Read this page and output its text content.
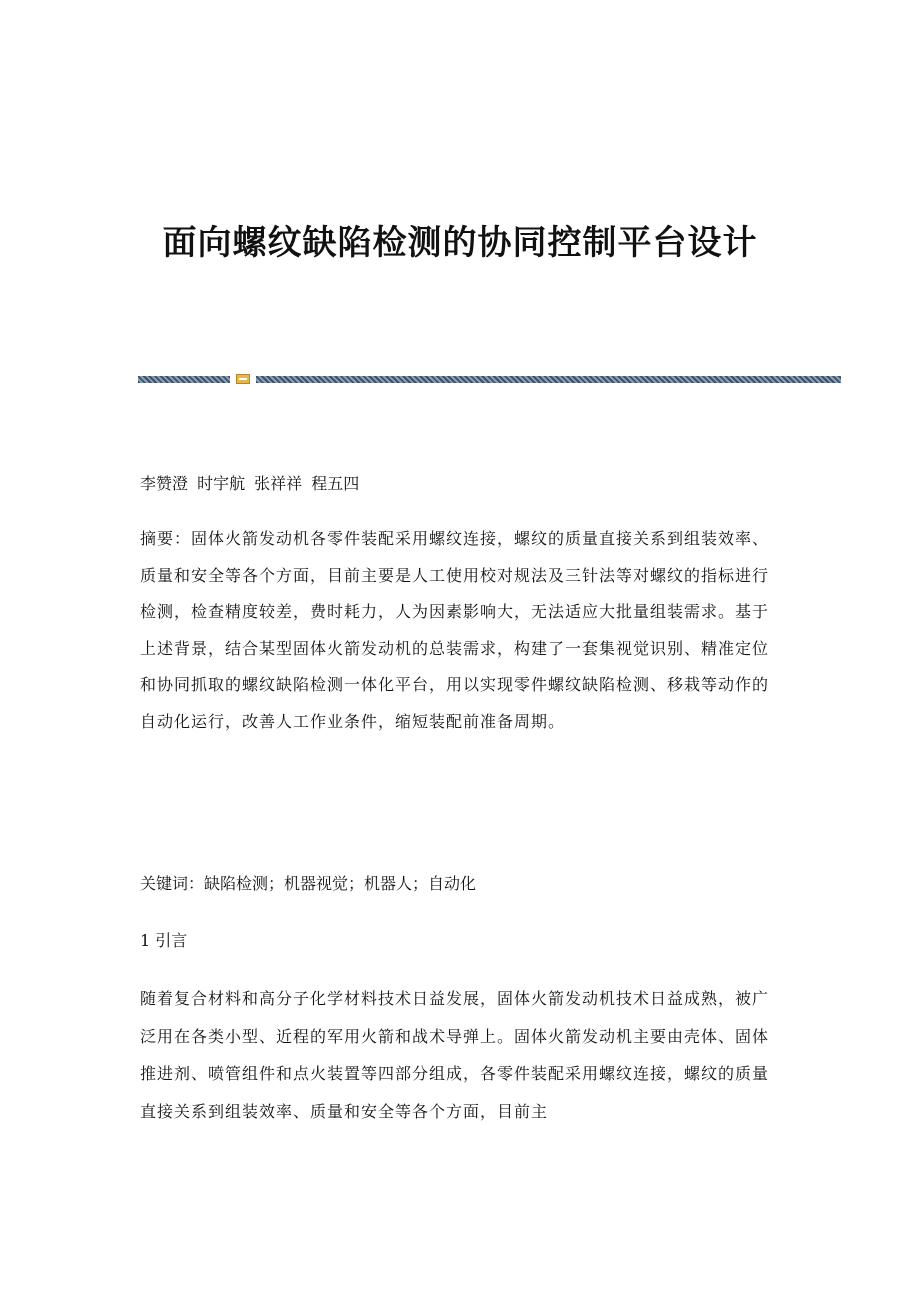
面向螺纹缺陷检测的协同控制平台设计

李赞澄 时宇航 张祥祥 程五四

摘要：固体火箭发动机各零件装配采用螺纹连接，螺纹的质量直接关系到组装效率、质量和安全等各个方面，目前主要是人工使用校对规法及三针法等对螺纹的指标进行检测，检查精度较差，费时耗力，人为因素影响大，无法适应大批量组装需求。基于上述背景，结合某型固体火箭发动机的总装需求，构建了一套集视觉识别、精准定位和协同抓取的螺纹缺陷检测一体化平台，用以实现零件螺纹缺陷检测、移栽等动作的自动化运行，改善人工作业条件，缩短装配前准备周期。

关键词：缺陷检测；机器视觉；机器人；自动化

1 引言

随着复合材料和高分子化学材料技术日益发展，固体火箭发动机技术日益成熟，被广泛用在各类小型、近程的军用火箭和战术导弹上。固体火箭发动机主要由壳体、固体推进剂、喷管组件和点火装置等四部分组成，各零件装配采用螺纹连接，螺纹的质量直接关系到组装效率、质量和安全等各个方面，目前主
